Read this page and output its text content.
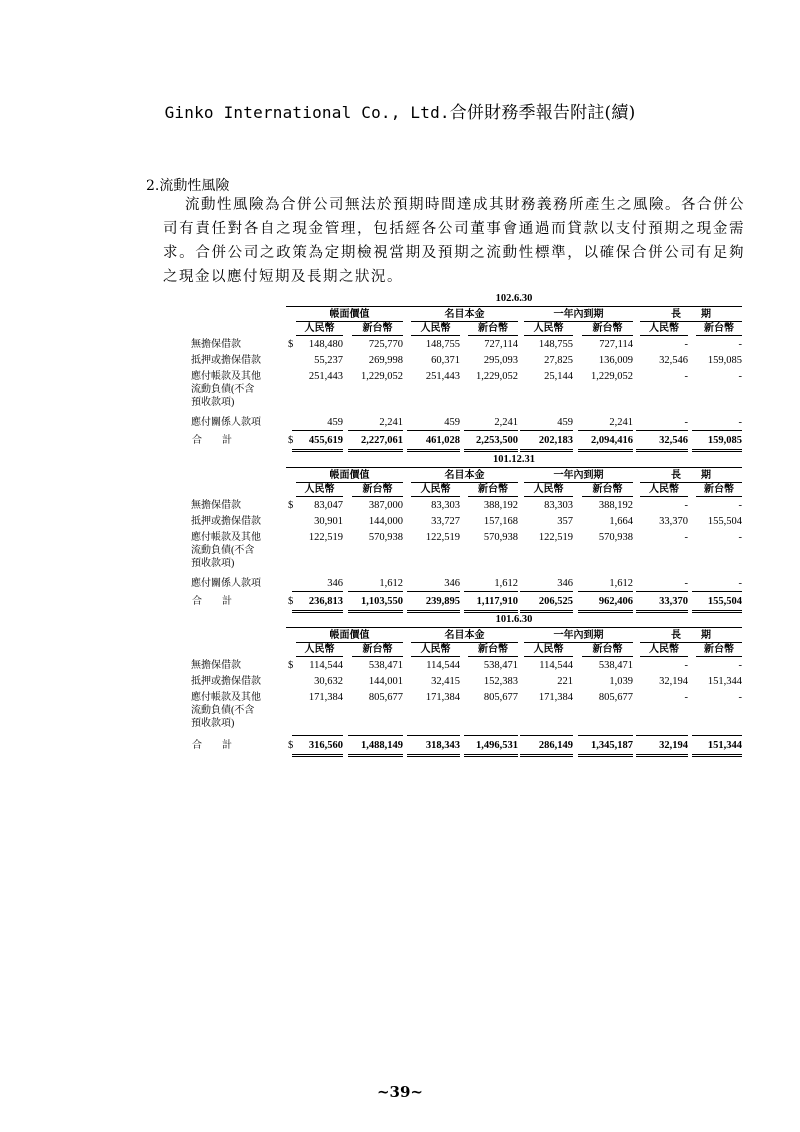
Ginko International Co., Ltd.合併財務季報告附註(續)
2.流動性風險
流動性風險為合併公司無法於預期時間達成其財務義務所產生之風險。各合併公司有責任對各自之現金管理，包括經各公司董事會通過而貸款以支付預期之現金需求。合併公司之政策為定期檢視當期及預期之流動性標準，以確保合併公司有足夠之現金以應付短期及長期之狀況。
102.6.30
帳面價值	名目本金	一年內到期	長　　期
人民幣	新台幣	人民幣	新台幣	人民幣	新台幣	人民幣	新台幣
無擔保借款	$	148,480	725,770	148,755	727,114	148,755	727,114	-	-
抵押或擔保借款	55,237	269,998	60,371	295,093	27,825	136,009	32,546	159,085
應付帳款及其他
流動負債(不含
預收款項)
251,443	1,229,052	251,443	1,229,052	25,144	1,229,052	-	-
應付關係人款項	459	2,241	459	2,241	459	2,241	-	-
合　　計	$	455,619	2,227,061	461,028	2,253,500	202,183	2,094,416	32,546	159,085
101.12.31
帳面價值	名目本金	一年內到期	長　　期
人民幣	新台幣	人民幣	新台幣	人民幣	新台幣	人民幣	新台幣
無擔保借款	$	83,047	387,000	83,303	388,192	83,303	388,192	-	-
抵押或擔保借款	30,901	144,000	33,727	157,168	357	1,664	33,370	155,504
應付帳款及其他
流動負債(不含
預收款項)
122,519	570,938	122,519	570,938	122,519	570,938	-	-
應付關係人款項	346	1,612	346	1,612	346	1,612	-	-
合　　計	$	236,813	1,103,550	239,895	1,117,910	206,525	962,406	33,370	155,504
101.6.30
帳面價值	名目本金	一年內到期	長　　期
人民幣	新台幣	人民幣	新台幣	人民幣	新台幣	人民幣	新台幣
無擔保借款	$	114,544	538,471	114,544	538,471	114,544	538,471	-	-
抵押或擔保借款	30,632	144,001	32,415	152,383	221	1,039	32,194	151,344
應付帳款及其他
流動負債(不含
預收款項)
171,384	805,677	171,384	805,677	171,384	805,677	-	-
合　　計	$	316,560	1,488,149	318,343	1,496,531	286,149	1,345,187	32,194	151,344
~39~
